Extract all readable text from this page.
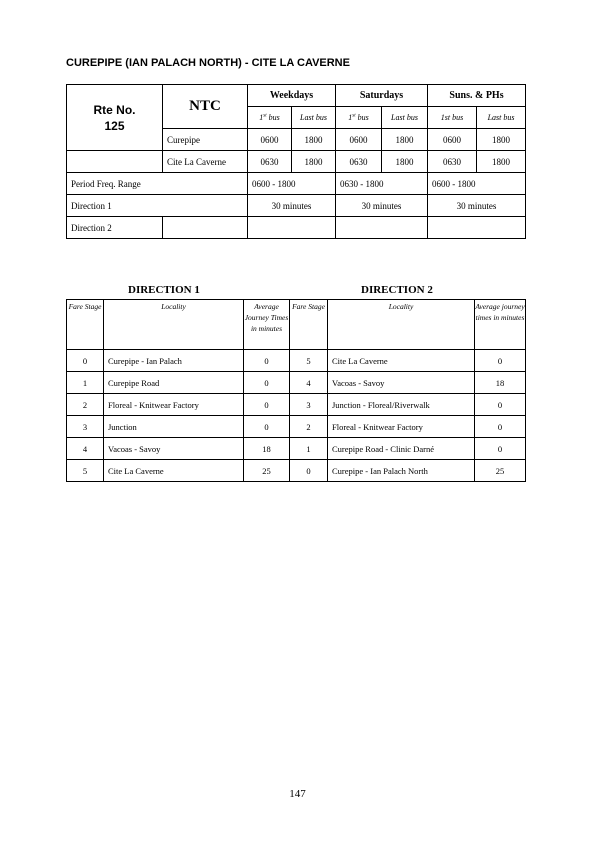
CUREPIPE (IAN PALACH NORTH) - CITE LA CAVERNE
Rte No.
125	NTC	Weekdays		Saturdays		Suns. & PHs	
		1st bus	Last bus	1st bus	Last bus	1st bus	Last bus
	Curepipe	0600	1800	0600	1800	0600	1800
	Cite La Caverne	0630	1800	0630	1800	0630	1800
Period Freq. Range		0600 - 1800		0630 - 1800		0600 - 1800	
Direction 1		30 minutes		30 minutes		30 minutes	
Direction 2							
DIRECTION 1	DIRECTION 2
Fare Stage	Locality	Average Journey Times in minutes	Fare Stage	Locality	Average journey times in minutes
0	Curepipe - Ian Palach	0	5	Cite La Caverne	0
1	Curepipe Road	0	4	Vacoas - Savoy	18
2	Floreal - Knitwear Factory	0	3	Junction - Floreal/Riverwalk	0
3	Junction	0	2	Floreal - Knitwear Factory	0
4	Vacoas - Savoy	18	1	Curepipe Road - Clinic Darné	0
5	Cite La Caverne	25	0	Curepipe - Ian Palach North	25
147
